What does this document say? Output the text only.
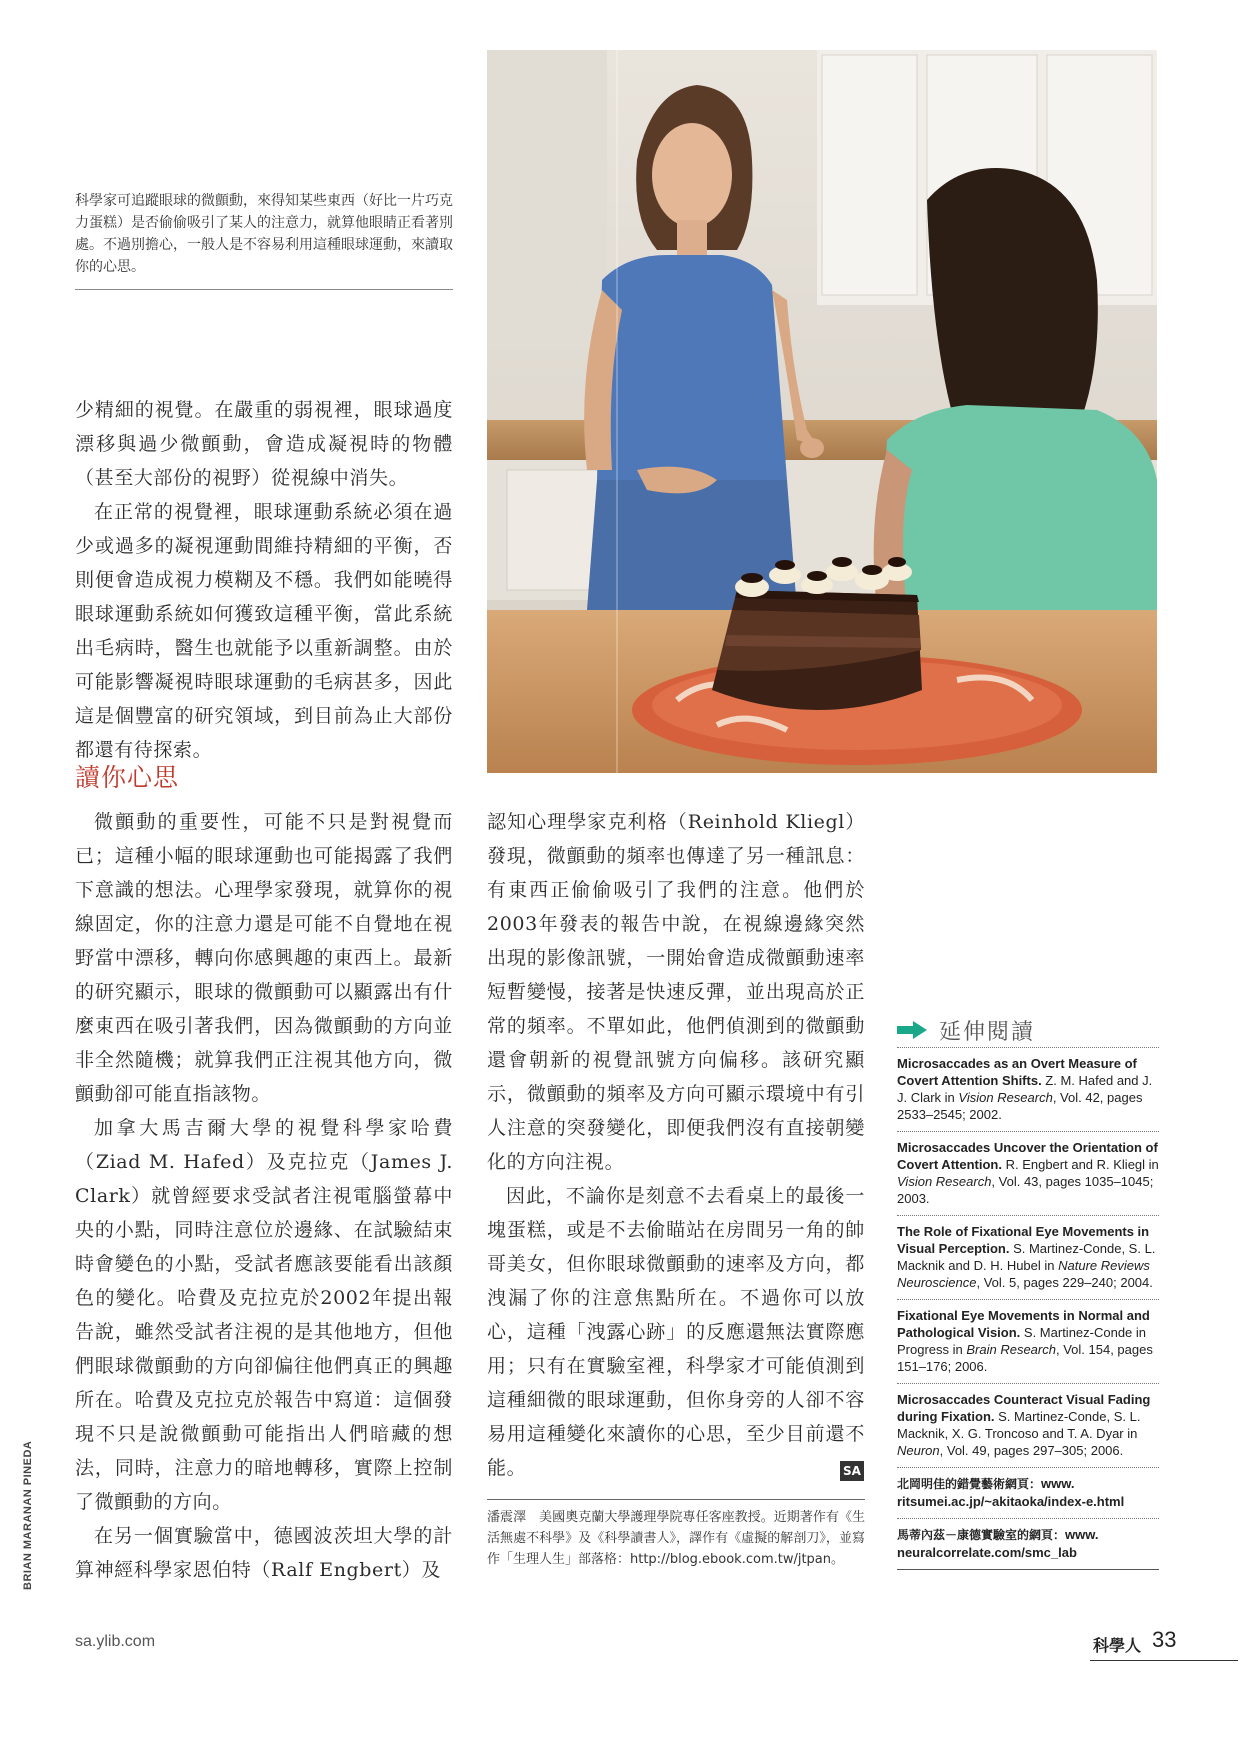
科學家可追蹤眼球的微顫動，來得知某些東西（好比一片巧克力蛋糕）是否偷偷吸引了某人的注意力，就算他眼睛正看著別處。不過別擔心，一般人是不容易利用這種眼球運動，來讀取你的心思。

少精細的視覺。在嚴重的弱視裡，眼球過度漂移與過少微顫動，會造成凝視時的物體（甚至大部份的視野）從視線中消失。

在正常的視覺裡，眼球運動系統必須在過少或過多的凝視運動間維持精細的平衡，否則便會造成視力模糊及不穩。我們如能曉得眼球運動系統如何獲致這種平衡，當此系統出毛病時，醫生也就能予以重新調整。由於可能影響凝視時眼球運動的毛病甚多，因此這是個豐富的研究領域，到目前為止大部份都還有待探索。

讀你心思

微顫動的重要性，可能不只是對視覺而已；這種小幅的眼球運動也可能揭露了我們下意識的想法。心理學家發現，就算你的視線固定，你的注意力還是可能不自覺地在視野當中漂移，轉向你感興趣的東西上。最新的研究顯示，眼球的微顫動可以顯露出有什麼東西在吸引著我們，因為微顫動的方向並非全然隨機；就算我們正注視其他方向，微顫動卻可能直指該物。

加拿大馬吉爾大學的視覺科學家哈費（Ziad M. Hafed）及克拉克（James J. Clark）就曾經要求受試者注視電腦螢幕中央的小點，同時注意位於邊緣、在試驗結束時會變色的小點，受試者應該要能看出該顏色的變化。哈費及克拉克於2002年提出報告說，雖然受試者注視的是其他地方，但他們眼球微顫動的方向卻偏往他們真正的興趣所在。哈費及克拉克於報告中寫道：這個發現不只是說微顫動可能指出人們暗藏的想法，同時，注意力的暗地轉移，實際上控制了微顫動的方向。

在另一個實驗當中，德國波茨坦大學的計算神經科學家恩伯特（Ralf Engbert）及

認知心理學家克利格（Reinhold Kliegl）發現，微顫動的頻率也傳達了另一種訊息：有東西正偷偷吸引了我們的注意。他們於2003年發表的報告中說，在視線邊緣突然出現的影像訊號，一開始會造成微顫動速率短暫變慢，接著是快速反彈，並出現高於正常的頻率。不單如此，他們偵測到的微顫動還會朝新的視覺訊號方向偏移。該研究顯示，微顫動的頻率及方向可顯示環境中有引人注意的突發變化，即便我們沒有直接朝變化的方向注視。

因此，不論你是刻意不去看桌上的最後一塊蛋糕，或是不去偷瞄站在房間另一角的帥哥美女，但你眼球微顫動的速率及方向，都洩漏了你的注意焦點所在。不過你可以放心，這種「洩露心跡」的反應還無法實際應用；只有在實驗室裡，科學家才可能偵測到這種細微的眼球運動，但你身旁的人卻不容易用這種變化來讀你的心思，至少目前還不能。	SA
潘震澤　美國奧克蘭大學護理學院專任客座教授。近期著作有《生活無處不科學》及《科學讀書人》，譯作有《虛擬的解剖刀》，並寫作「生理人生」部落格：http://blog.ebook.com.tw/jtpan。
延伸閱讀
Microsaccades as an Overt Measure of Covert Attention Shifts. Z. M. Hafed and J. J. Clark in Vision Research, Vol. 42, pages 2533–2545; 2002.
Microsaccades Uncover the Orientation of Covert Attention. R. Engbert and R. Kliegl in Vision Research, Vol. 43, pages 1035–1045; 2003.
The Role of Fixational Eye Movements in Visual Perception. S. Martinez-Conde, S. L. Macknik and D. H. Hubel in Nature Reviews Neuroscience, Vol. 5, pages 229–240; 2004.
Fixational Eye Movements in Normal and Pathological Vision. S. Martinez-Conde in Progress in Brain Research, Vol. 154, pages 151–176; 2006.
Microsaccades Counteract Visual Fading during Fixation. S. Martinez-Conde, S. L. Macknik, X. G. Troncoso and T. A. Dyar in Neuron, Vol. 49, pages 297–305; 2006.
北岡明佳的錯覺藝術網頁：www. ritsumei.ac.jp/~akitaoka/index-e.html
馬蒂內茲－康德實驗室的網頁：www. neuralcorrelate.com/smc_lab
BRIAN MARANAN PINEDA
sa.ylib.com	科學人 33
